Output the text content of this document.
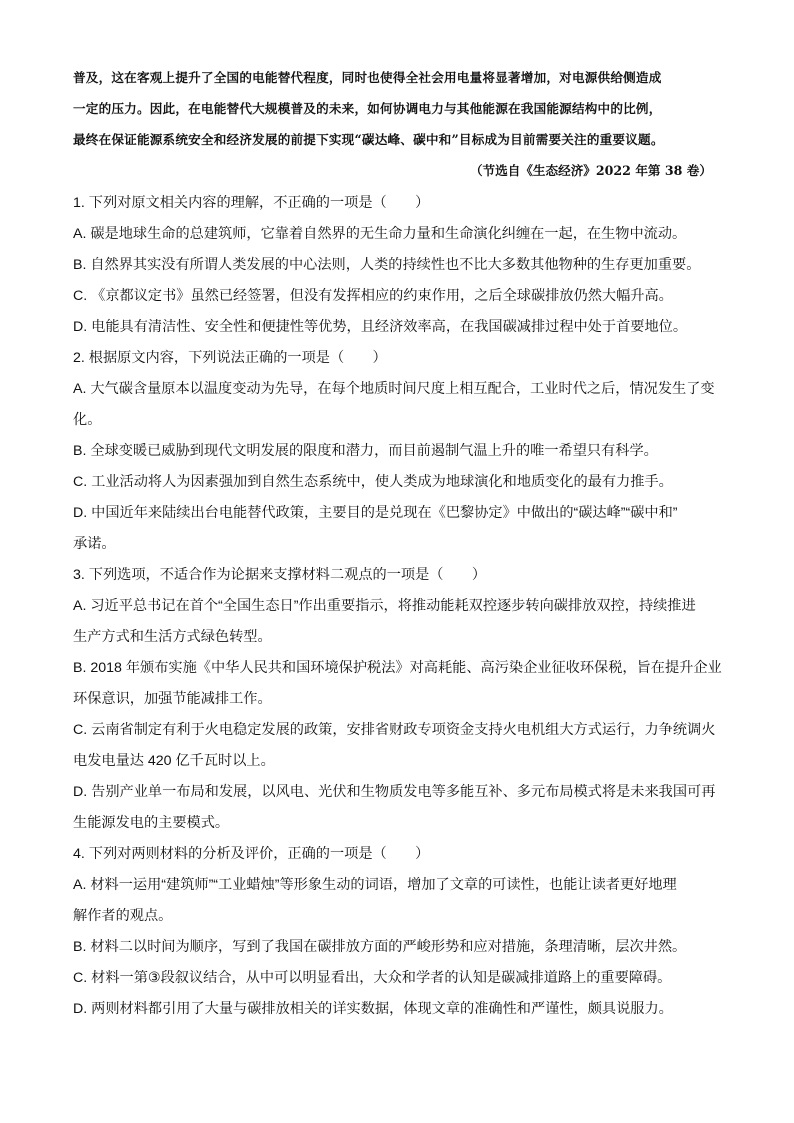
普及，这在客观上提升了全国的电能替代程度，同时也使得全社会用电量将显著增加，对电源供给侧造成

一定的压力。因此，在电能替代大规模普及的未来，如何协调电力与其他能源在我国能源结构中的比例，

最终在保证能源系统安全和经济发展的前提下实现“碳达峰、碳中和”目标成为目前需要关注的重要议题。

（节选自《生态经济》2022 年第 38 卷）
1. 下列对原文相关内容的理解，不正确的一项是（　　）
A. 碳是地球生命的总建筑师，它靠着自然界的无生命力量和生命演化纠缠在一起，在生物中流动。
B. 自然界其实没有所谓人类发展的中心法则，人类的持续性也不比大多数其他物种的生存更加重要。
C. 《京都议定书》虽然已经签署，但没有发挥相应的约束作用，之后全球碳排放仍然大幅升高。
D. 电能具有清洁性、安全性和便捷性等优势，且经济效率高，在我国碳减排过程中处于首要地位。
2. 根据原文内容，下列说法正确的一项是（　　）
A. 大气碳含量原本以温度变动为先导，在每个地质时间尺度上相互配合，工业时代之后，情况发生了变
化。
B. 全球变暖已威胁到现代文明发展的限度和潜力，而目前遏制气温上升的唯一希望只有科学。
C. 工业活动将人为因素强加到自然生态系统中，使人类成为地球演化和地质变化的最有力推手。
D. 中国近年来陆续出台电能替代政策，主要目的是兑现在《巴黎协定》中做出的“碳达峰”“碳中和”
承诺。
3. 下列选项，不适合作为论据来支撑材料二观点的一项是（　　）
A. 习近平总书记在首个“全国生态日”作出重要指示，将推动能耗双控逐步转向碳排放双控，持续推进
生产方式和生活方式绿色转型。
B. 2018 年颁布实施《中华人民共和国环境保护税法》对高耗能、高污染企业征收环保税，旨在提升企业
环保意识，加强节能减排工作。
C. 云南省制定有利于火电稳定发展的政策，安排省财政专项资金支持火电机组大方式运行，力争统调火
电发电量达 420 亿千瓦时以上。
D. 告别产业单一布局和发展，以风电、光伏和生物质发电等多能互补、多元布局模式将是未来我国可再
生能源发电的主要模式。
4. 下列对两则材料的分析及评价，正确的一项是（　　）
A. 材料一运用“建筑师”“工业蜡烛”等形象生动的词语，增加了文章的可读性，也能让读者更好地理
解作者的观点。
B. 材料二以时间为顺序，写到了我国在碳排放方面的严峻形势和应对措施，条理清晰，层次井然。
C. 材料一第③段叙议结合，从中可以明显看出，大众和学者的认知是碳减排道路上的重要障碍。
D. 两则材料都引用了大量与碳排放相关的详实数据，体现文章的准确性和严谨性，颇具说服力。
